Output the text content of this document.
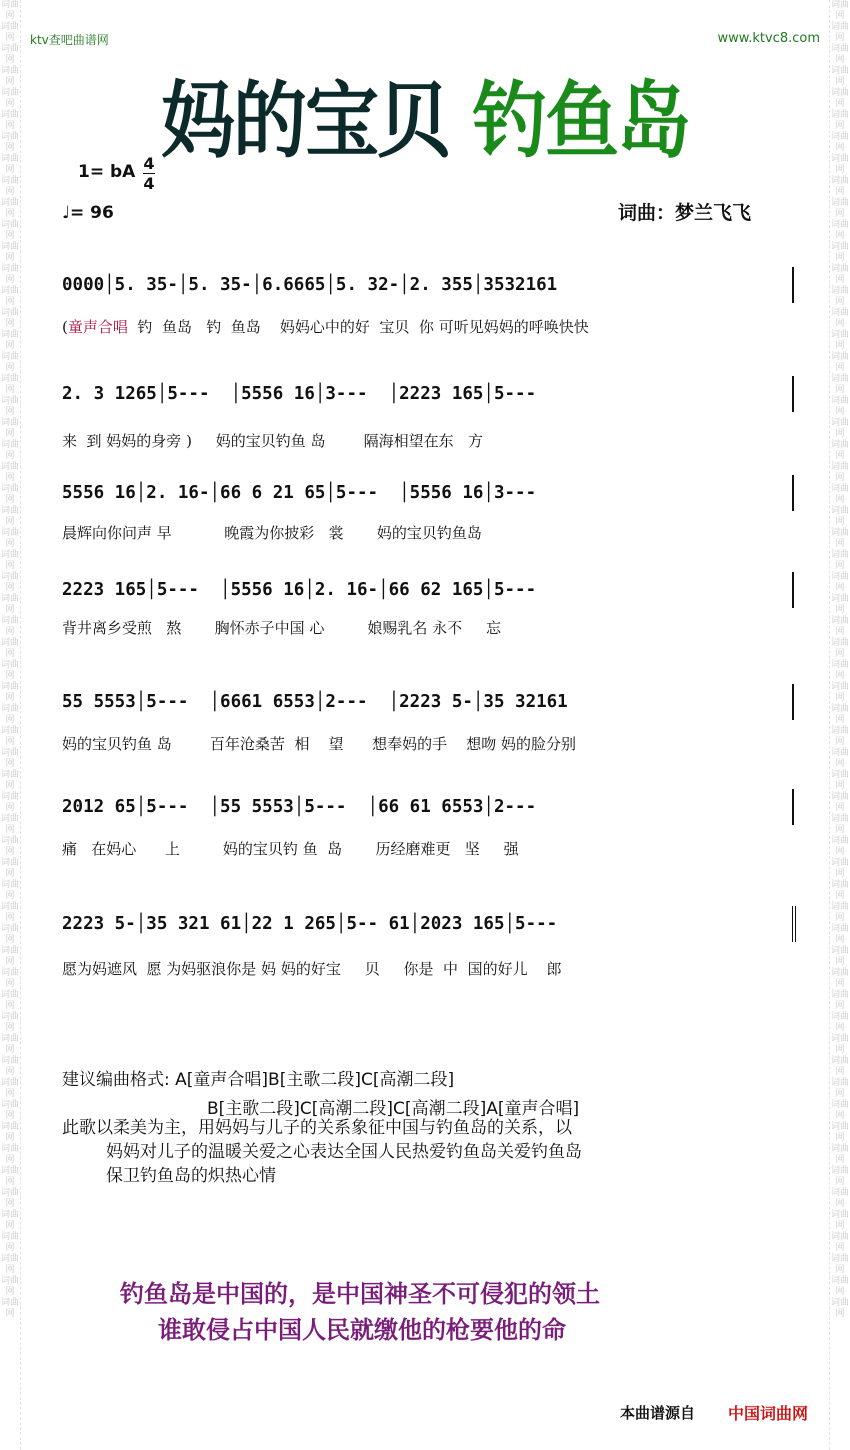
词曲网
词曲网
词曲网
词曲网
词曲网
词曲网
词曲网
词曲网
词曲网
词曲网
词曲网
词曲网
词曲网
词曲网
词曲网
词曲网
词曲网
词曲网
词曲网
词曲网
词曲网
词曲网
词曲网
词曲网
词曲网
词曲网
词曲网
词曲网
词曲网
词曲网
词曲网
词曲网
词曲网
词曲网
词曲网
词曲网
词曲网
词曲网
词曲网
词曲网
词曲网
词曲网
词曲网
词曲网
词曲网
词曲网
词曲网
词曲网
词曲网
词曲网
词曲网
词曲网
词曲网
词曲网
词曲网
词曲网
词曲网
词曲网
词曲网
词曲网
词曲网
词曲网
词曲网
词曲网
词曲网
词曲网
词曲网
词曲网
词曲网
词曲网
词曲网
词曲网
词曲网
词曲网
词曲网
词曲网
词曲网
词曲网
词曲网
词曲网
词曲网
词曲网
词曲网
词曲网
词曲网
词曲网
词曲网
词曲网
词曲网
词曲网
词曲网
词曲网
词曲网
词曲网
词曲网
词曲网
词曲网
词曲网
词曲网
词曲网
词曲网
词曲网
词曲网
词曲网
词曲网
词曲网
词曲网
词曲网
词曲网
词曲网
词曲网
词曲网
词曲网
词曲网
词曲网
词曲网
词曲网
词曲网
词曲网
词曲网
ktv查吧曲谱网	www.ktvc8.com
妈的宝贝 钓鱼岛
1= bA 4
4
♩= 96	词曲：梦兰飞飞
0000│5. 35-│5. 35-│6.6665│5. 32-│2. 355│3532161
(童声合唱  钓  鱼岛   钓  鱼岛    妈妈心中的好  宝贝  你 可听见妈妈的呼唤快快
2. 3 1265│5---  │5556 16│3---  │2223 165│5---
来  到 妈妈的身旁 )     妈的宝贝钓鱼 岛        隔海相望在东   方
5556 16│2. 16-│66 6 21 65│5---  │5556 16│3---
晨辉向你问声 早           晚霞为你披彩   裳       妈的宝贝钓鱼岛
2223 165│5---  │5556 16│2. 16-│66 62 165│5---
背井离乡受煎   熬       胸怀赤子中国 心         娘赐乳名 永不     忘
55 5553│5---  │6661 6553│2---  │2223 5-│35 32161
妈的宝贝钓鱼 岛        百年沧桑苦  相    望      想奉妈的手    想吻 妈的脸分别
2012 65│5---  │55 5553│5---  │66 61 6553│2---
痛   在妈心      上         妈的宝贝钓 鱼  岛       历经磨难更   坚     强
2223 5-│35 321 61│22 1 265│5-- 61│2023 165│5---
愿为妈遮风  愿 为妈驱浪你是 妈 妈的好宝     贝     你是  中  国的好儿    郎
建议编曲格式: A[童声合唱]B[主歌二段]C[高潮二段]
B[主歌二段]C[高潮二段]C[高潮二段]A[童声合唱]
此歌以柔美为主，用妈妈与儿子的关系象征中国与钓鱼岛的关系，以
妈妈对儿子的温暖关爱之心表达全国人民热爱钓鱼岛关爱钓鱼岛
保卫钓鱼岛的炽热心情
钓鱼岛是中国的，是中国神圣不可侵犯的领土
谁敢侵占中国人民就缴他的枪要他的命
本曲谱源自 中国词曲网
